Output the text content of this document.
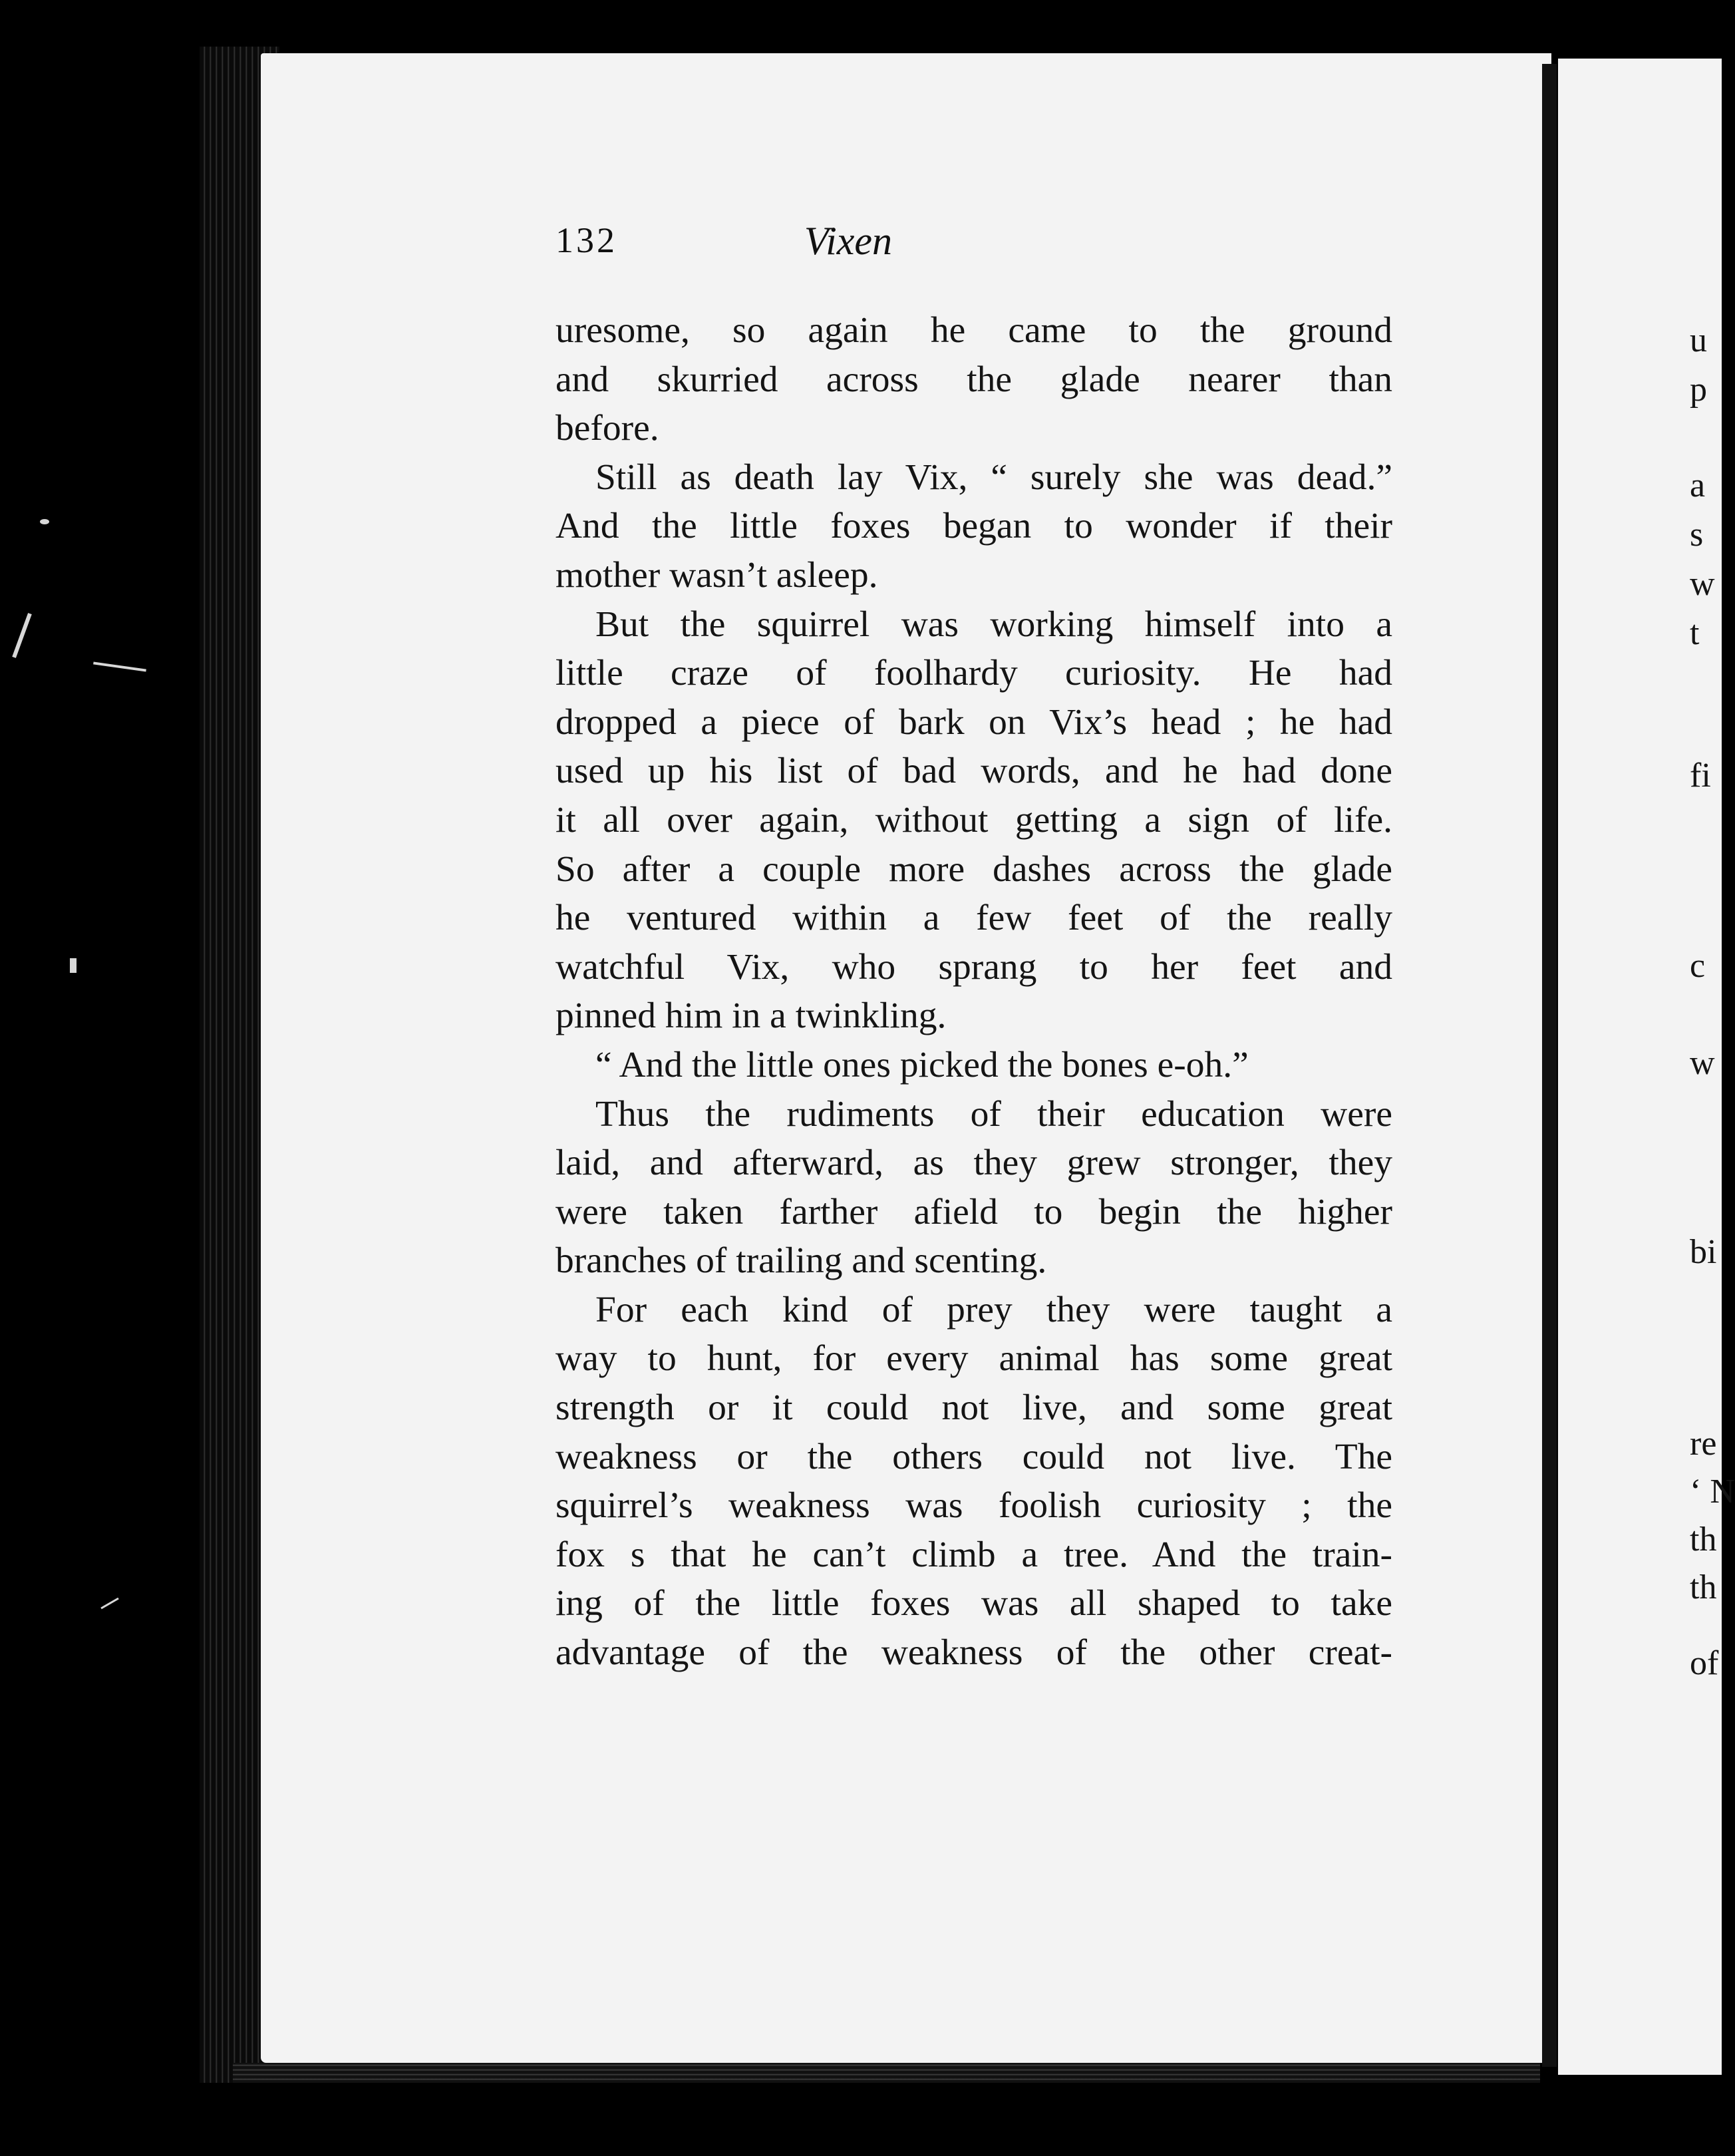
132	Vixen
uresome, so again he came to the ground
and skurried across the glade nearer than
before.
Still as death lay Vix, “ surely she was dead.”
And the little foxes began to wonder if their
mother wasn’t asleep.
But the squirrel was working himself into a
little craze of foolhardy curiosity. He had
dropped a piece of bark on Vix’s head ; he had
used up his list of bad words, and he had done
it all over again, without getting a sign of life.
So after a couple more dashes across the glade
he ventured within a few feet of the really
watchful Vix, who sprang to her feet and
pinned him in a twinkling.
“ And the little ones picked the bones e-oh.”
Thus the rudiments of their education were
laid, and afterward, as they grew stronger, they
were taken farther afield to begin the higher
branches of trailing and scenting.
For each kind of prey they were taught a
way to hunt, for every animal has some great
strength or it could not live, and some great
weakness or the others could not live. The
squirrel’s weakness was foolish curiosity ; the
fox s that he can’t climb a tree. And the train-
ing of the little foxes was all shaped to take
advantage of the weakness of the other creat-
u
p
a
s
w
t
fi
c
w
bi
re
‘ N
th
th
of
